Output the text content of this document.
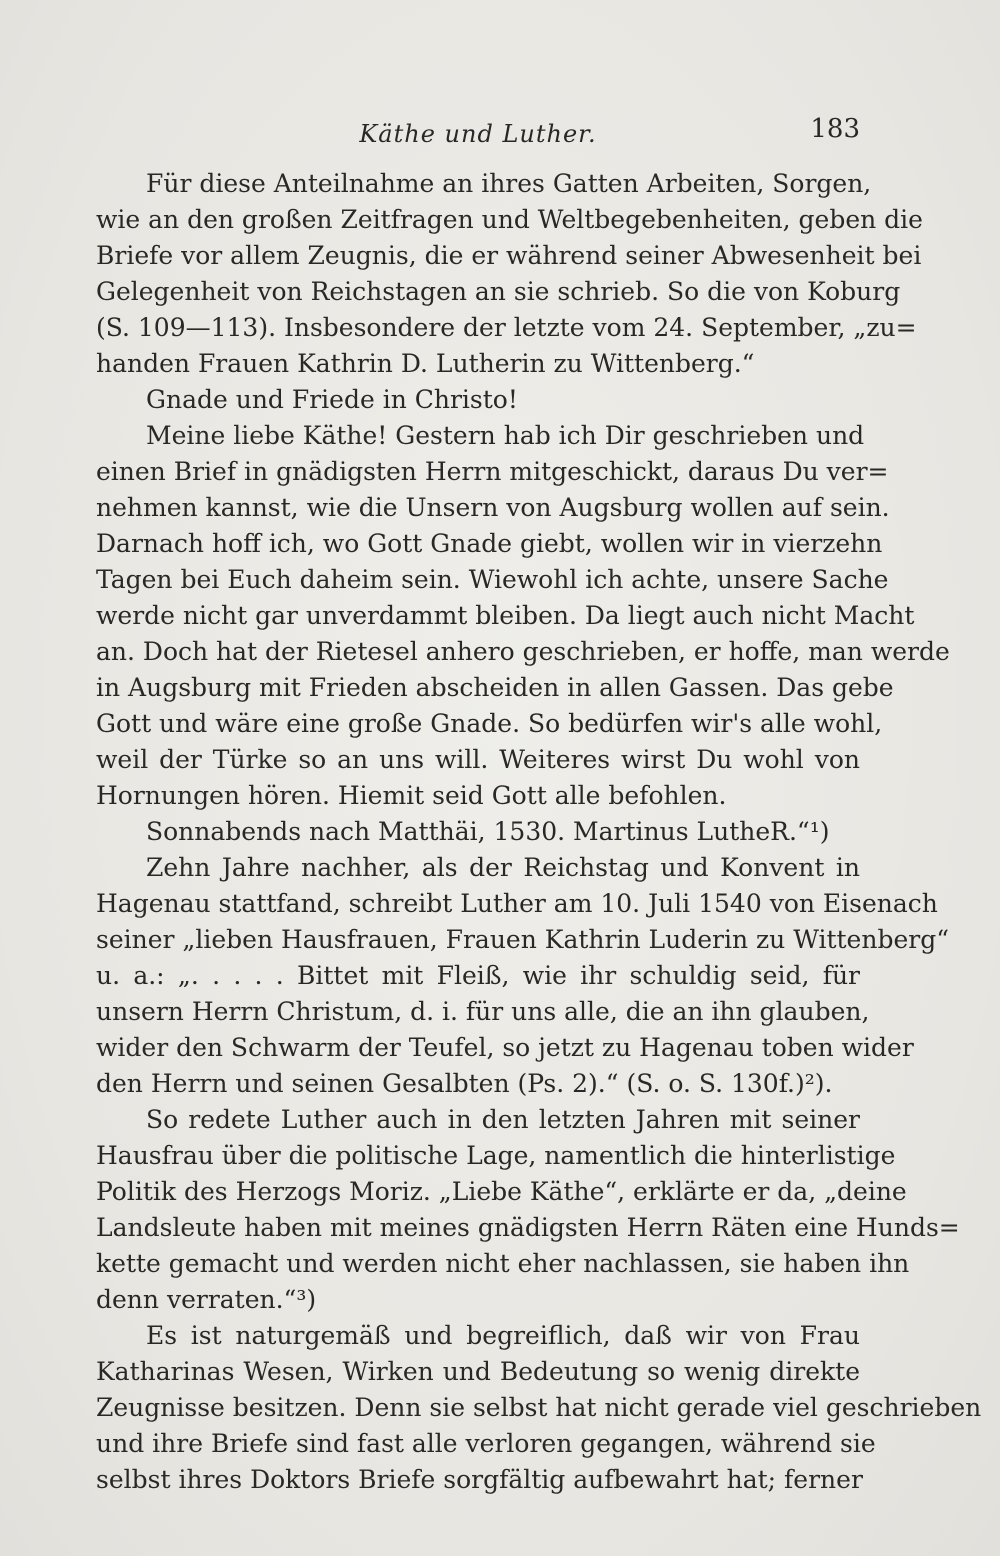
Käthe und Luther.	183
Für diese Anteilnahme an ihres Gatten Arbeiten, Sorgen,
wie an den großen Zeitfragen und Weltbegebenheiten, geben die
Briefe vor allem Zeugnis, die er während seiner Abwesenheit bei
Gelegenheit von Reichstagen an sie schrieb. So die von Koburg
(S. 109—113). Insbesondere der letzte vom 24. September, „zu=
handen Frauen Kathrin D. Lutherin zu Wittenberg.“
Gnade und Friede in Christo!
Meine liebe Käthe! Gestern hab ich Dir geschrieben und
einen Brief in gnädigsten Herrn mitgeschickt, daraus Du ver=
nehmen kannst, wie die Unsern von Augsburg wollen auf sein.
Darnach hoff ich, wo Gott Gnade giebt, wollen wir in vierzehn
Tagen bei Euch daheim sein. Wiewohl ich achte, unsere Sache
werde nicht gar unverdammt bleiben. Da liegt auch nicht Macht
an. Doch hat der Rietesel anhero geschrieben, er hoffe, man werde
in Augsburg mit Frieden abscheiden in allen Gassen. Das gebe
Gott und wäre eine große Gnade. So bedürfen wir's alle wohl,
weil der Türke so an uns will. Weiteres wirst Du wohl von
Hornungen hören. Hiemit seid Gott alle befohlen.
Sonnabends nach Matthäi, 1530. Martinus LutheR.“¹)
Zehn Jahre nachher, als der Reichstag und Konvent in
Hagenau stattfand, schreibt Luther am 10. Juli 1540 von Eisenach
seiner „lieben Hausfrauen, Frauen Kathrin Luderin zu Wittenberg“
u. a.: „. . . . . Bittet mit Fleiß, wie ihr schuldig seid, für
unsern Herrn Christum, d. i. für uns alle, die an ihn glauben,
wider den Schwarm der Teufel, so jetzt zu Hagenau toben wider
den Herrn und seinen Gesalbten (Ps. 2).“ (S. o. S. 130f.)²).
So redete Luther auch in den letzten Jahren mit seiner
Hausfrau über die politische Lage, namentlich die hinterlistige
Politik des Herzogs Moriz. „Liebe Käthe“, erklärte er da, „deine
Landsleute haben mit meines gnädigsten Herrn Räten eine Hunds=
kette gemacht und werden nicht eher nachlassen, sie haben ihn
denn verraten.“³)
Es ist naturgemäß und begreiflich, daß wir von Frau
Katharinas Wesen, Wirken und Bedeutung so wenig direkte
Zeugnisse besitzen. Denn sie selbst hat nicht gerade viel geschrieben
und ihre Briefe sind fast alle verloren gegangen, während sie
selbst ihres Doktors Briefe sorgfältig aufbewahrt hat; ferner
